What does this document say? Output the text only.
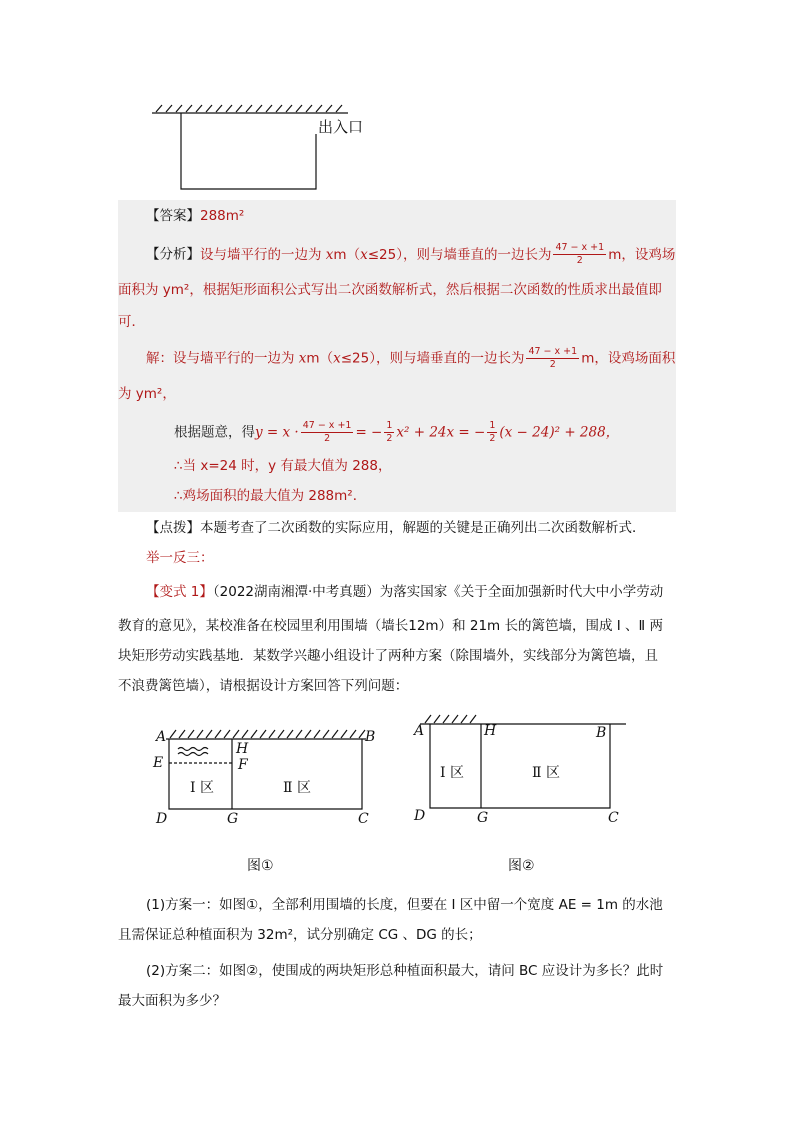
出入口
【答案】288m²
【分析】设与墙平行的一边为 xm（x≤25），则与墙垂直的一边长为 $\frac{47 - x +1}{2}$ m，设鸡场
面积为 ym²，根据矩形面积公式写出二次函数解析式，然后根据二次函数的性质求出最值即
可．
解：设与墙平行的一边为 xm（x≤25），则与墙垂直的一边长为 $\frac{47 - x +1}{2}$ m，设鸡场面积
为 ym²，
根据题意，得$y = x \cdot \frac{47 - x +1}{2}$ = − $\frac{1}{2} x^2 + 24x$ = − $\frac{1}{2} (x - 24)^2 + 288$，
∴当 x=24 时，y 有最大值为 288，
∴鸡场面积的最大值为 288m²．
【点拨】本题考查了二次函数的实际应用，解题的关键是正确列出二次函数解析式．
举一反三：
【变式 1】（2022湖南湘潭·中考真题）为落实国家《关于全面加强新时代大中小学劳动
教育的意见》，某校准备在校园里利用围墙（墙长12m）和 21m 长的篱笆墙，围成 Ⅰ 、Ⅱ 两
块矩形劳动实践基地．某数学兴趣小组设计了两种方案（除围墙外，实线部分为篱笆墙，且
不浪费篱笆墙），请根据设计方案回答下列问题：
A	B
H
F
E
D	G	C
Ⅰ 区	Ⅱ 区
图①
A	H	B
D	G	C
Ⅰ 区	Ⅱ 区
图②
(1)方案一：如图①，全部利用围墙的长度，但要在 Ⅰ 区中留一个宽度 AE = 1m 的水池
且需保证总种植面积为 32m²，试分别确定 CG 、DG 的长；
(2)方案二：如图②，使围成的两块矩形总种植面积最大，请问 BC 应设计为多长？此时
最大面积为多少？
